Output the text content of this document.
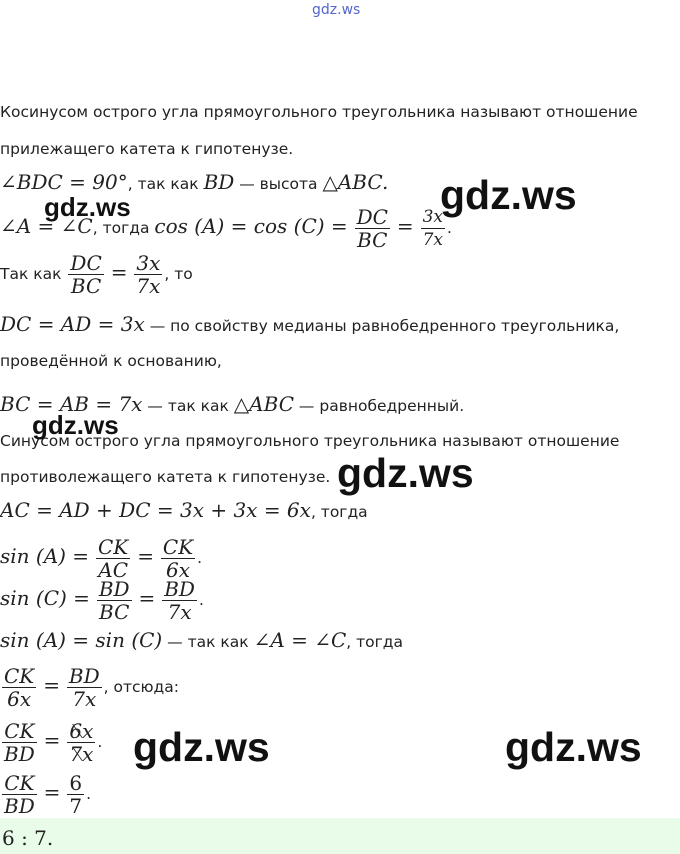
gdz.ws
Косинусом острого угла прямоугольного треугольника называют отношение
прилежащего катета к гипотенузе.
∠BDC = 90°, так как BD — высота △ABC.
∠A = ∠C, тогда $\cos (A) = \cos (C) = \frac{DC}{BC} = \frac{3x}{7x}$ .
Так как $\frac{DC}{BC} = \frac{3x}{7x}$ , то
DC = AD = 3x — по свойству медианы равнобедренного треугольника,
проведённой к основанию,
BC = AB = 7x — так как △ABC — равнобедренный.
Синусом острого угла прямоугольного треугольника называют отношение
противолежащего катета к гипотенузе.
AC = AD + DC = 3x + 3x = 6x, тогда
$\sin (A) = \frac{CK}{AC} = \frac{CK}{6x}$ .
$\sin (C) = \frac{BD}{BC} = \frac{BD}{7x}$ .
sin (A) = sin (C) — так как ∠A = ∠C, тогда
$\frac{CK}{6x} = \frac{BD}{7x}$ , отсюда:
$\frac{CK}{BD} = \frac{6x}{7x}$ .
$\frac{CK}{BD} = \frac{6}{7}$ .
6 : 7.
gdz.ws
gdz.ws
gdz.ws
gdz.ws
gdz.ws	gdz.ws
